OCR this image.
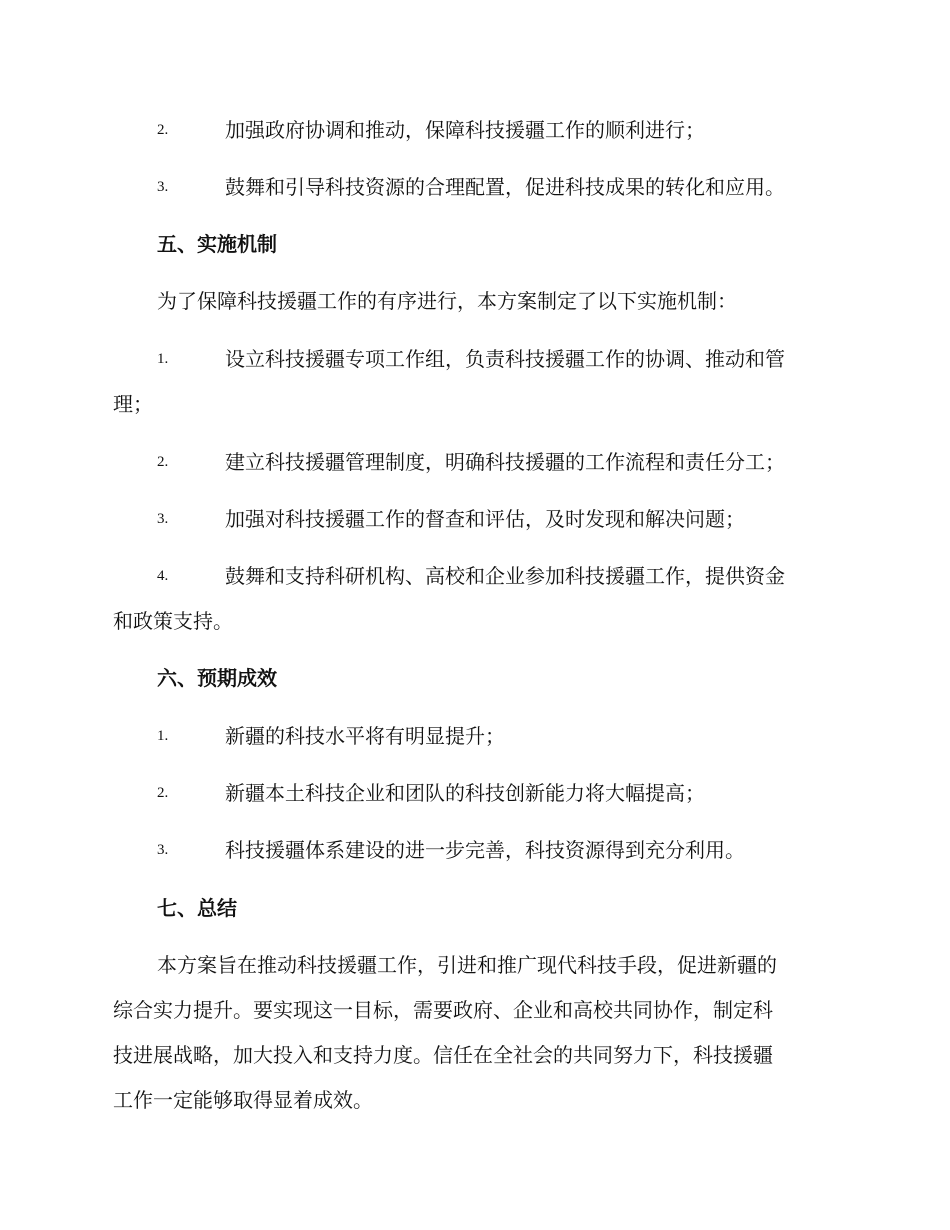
2.	加强政府协调和推动，保障科技援疆工作的顺利进行；
3.	鼓舞和引导科技资源的合理配置，促进科技成果的转化和应用。
五、实施机制
为了保障科技援疆工作的有序进行，本方案制定了以下实施机制：
1.	设立科技援疆专项工作组，负责科技援疆工作的协调、推动和管
理；
2.	建立科技援疆管理制度，明确科技援疆的工作流程和责任分工；
3.	加强对科技援疆工作的督查和评估，及时发现和解决问题；
4.	鼓舞和支持科研机构、高校和企业参加科技援疆工作，提供资金
和政策支持。
六、预期成效
1.	新疆的科技水平将有明显提升；
2.	新疆本土科技企业和团队的科技创新能力将大幅提高；
3.	科技援疆体系建设的进一步完善，科技资源得到充分利用。
七、总结
本方案旨在推动科技援疆工作，引进和推广现代科技手段，促进新疆的
综合实力提升。要实现这一目标，需要政府、企业和高校共同协作，制定科
技进展战略，加大投入和支持力度。信任在全社会的共同努力下，科技援疆
工作一定能够取得显着成效。
